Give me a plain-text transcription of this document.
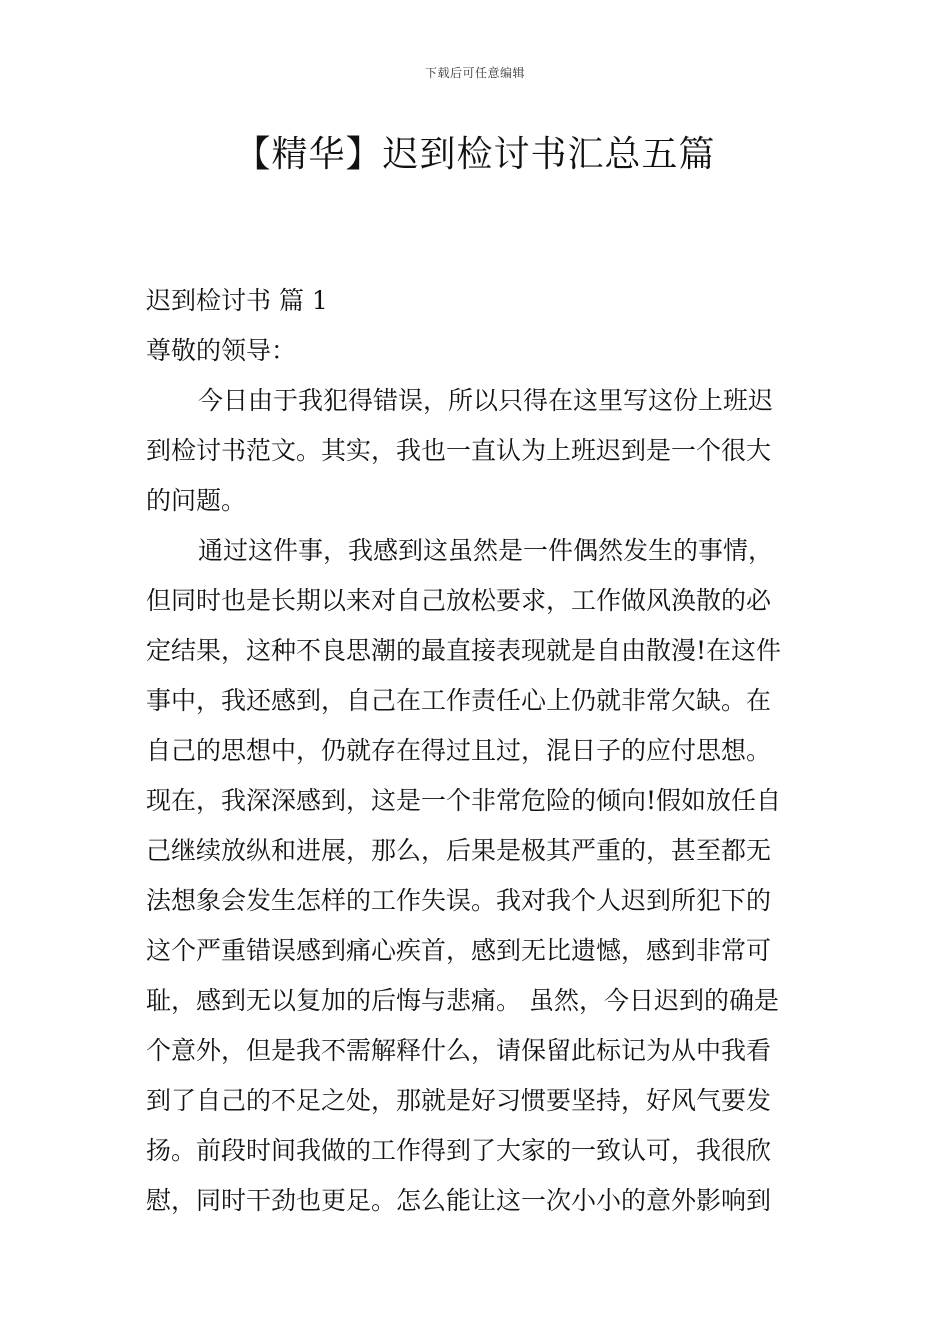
下载后可任意编辑
【精华】迟到检讨书汇总五篇
迟到检讨书 篇 1
尊敬的领导：
今日由于我犯得错误，所以只得在这里写这份上班迟
到检讨书范文。其实，我也一直认为上班迟到是一个很大
的问题。
通过这件事，我感到这虽然是一件偶然发生的事情，
但同时也是长期以来对自己放松要求，工作做风涣散的必
定结果，这种不良思潮的最直接表现就是自由散漫!在这件
事中，我还感到，自己在工作责任心上仍就非常欠缺。在
自己的思想中，仍就存在得过且过，混日子的应付思想。
现在，我深深感到，这是一个非常危险的倾向!假如放任自
己继续放纵和进展，那么，后果是极其严重的，甚至都无
法想象会发生怎样的工作失误。我对我个人迟到所犯下的
这个严重错误感到痛心疾首，感到无比遗憾，感到非常可
耻，感到无以复加的后悔与悲痛。 虽然，今日迟到的确是
个意外，但是我不需解释什么，请保留此标记为从中我看
到了自己的不足之处，那就是好习惯要坚持，好风气要发
扬。前段时间我做的工作得到了大家的一致认可，我很欣
慰，同时干劲也更足。怎么能让这一次小小的意外影响到
